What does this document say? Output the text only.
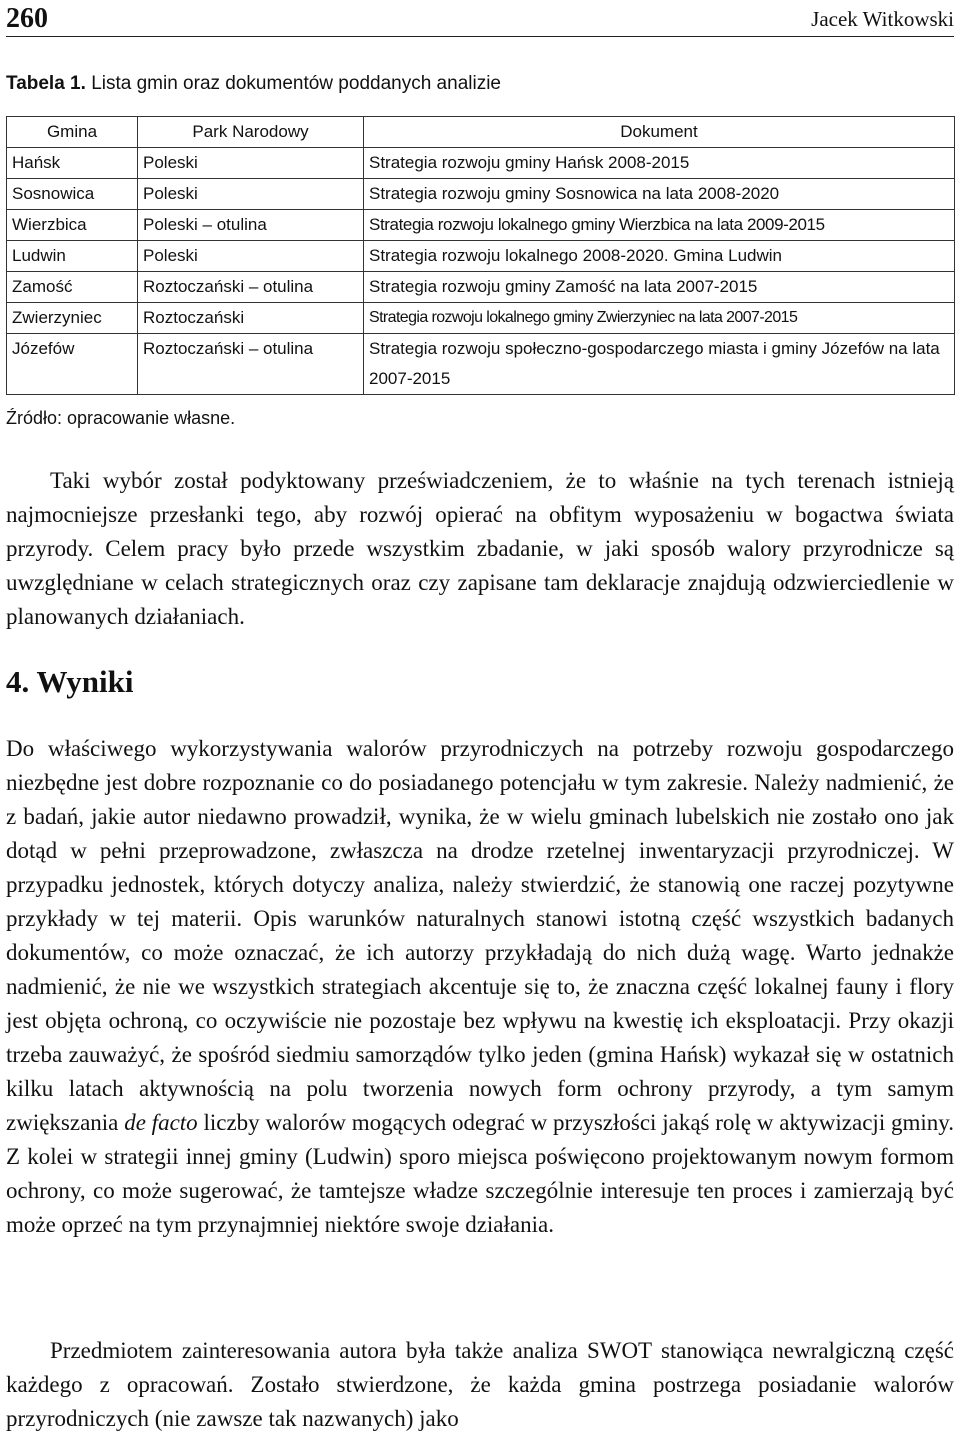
260	Jacek Witkowski
Tabela 1. Lista gmin oraz dokumentów poddanych analizie
Gmina	Park Narodowy	Dokument
Hańsk	Poleski	Strategia rozwoju gminy Hańsk 2008-2015
Sosnowica	Poleski	Strategia rozwoju gminy Sosnowica na lata 2008-2020
Wierzbica	Poleski – otulina	Strategia rozwoju lokalnego gminy Wierzbica na lata 2009-2015
Ludwin	Poleski	Strategia rozwoju lokalnego 2008-2020. Gmina Ludwin
Zamość	Roztoczański – otulina	Strategia rozwoju gminy Zamość na lata 2007-2015
Zwierzyniec	Roztoczański	Strategia rozwoju lokalnego gminy Zwierzyniec na lata 2007-2015
Józefów	Roztoczański – otulina	Strategia rozwoju społeczno-gospodarczego miasta i gminy Józefów na lata 2007-2015
Źródło: opracowanie własne.

Taki wybór został podyktowany przeświadczeniem, że to właśnie na tych terenach istnieją najmocniejsze przesłanki tego, aby rozwój opierać na obfitym wyposażeniu w bogactwa świata przyrody. Celem pracy było przede wszystkim zbadanie, w jaki sposób walory przyrodnicze są uwzględniane w celach strategicznych oraz czy zapisane tam deklaracje znajdują odzwierciedlenie w planowanych działaniach.

4. Wyniki

Do właściwego wykorzystywania walorów przyrodniczych na potrzeby rozwoju gospodarczego niezbędne jest dobre rozpoznanie co do posiadanego potencjału w tym zakresie. Należy nadmienić, że z badań, jakie autor niedawno prowadził, wynika, że w wielu gminach lubelskich nie zostało ono jak dotąd w pełni przeprowadzone, zwłaszcza na drodze rzetelnej inwentaryzacji przyrodniczej. W przypadku jednostek, których dotyczy analiza, należy stwierdzić, że stanowią one raczej pozytywne przykłady w tej materii. Opis warunków naturalnych stanowi istotną część wszystkich badanych dokumentów, co może oznaczać, że ich autorzy przykładają do nich dużą wagę. Warto jednakże nadmienić, że nie we wszystkich strategiach akcentuje się to, że znaczna część lokalnej fauny i flory jest objęta ochroną, co oczywiście nie pozostaje bez wpływu na kwestię ich eksploatacji. Przy okazji trzeba zauważyć, że spośród siedmiu samorządów tylko jeden (gmina Hańsk) wykazał się w ostatnich kilku latach aktywnością na polu tworzenia nowych form ochrony przyrody, a tym samym zwiększania de facto liczby walorów mogących odegrać w przyszłości jakąś rolę w aktywizacji gminy. Z kolei w strategii innej gminy (Ludwin) sporo miejsca poświęcono projektowanym nowym formom ochrony, co może sugerować, że tamtejsze władze szczególnie interesuje ten proces i zamierzają być może oprzeć na tym przynajmniej niektóre swoje działania.

Przedmiotem zainteresowania autora była także analiza SWOT stanowiąca newralgiczną część każdego z opracowań. Zostało stwierdzone, że każda gmina postrzega posiadanie walorów przyrodniczych (nie zawsze tak nazwanych) jako
